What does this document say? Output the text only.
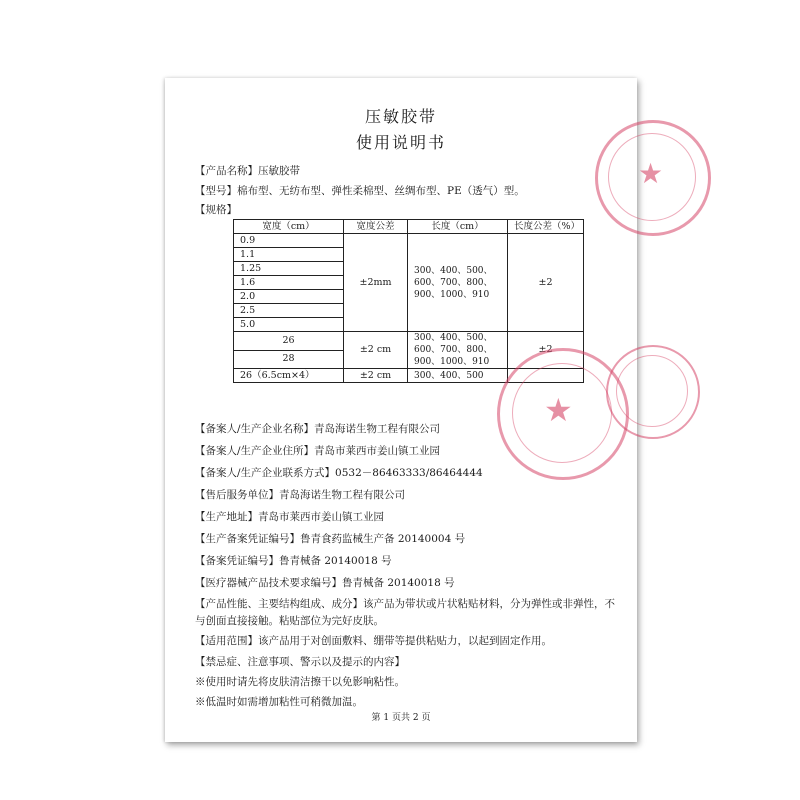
压敏胶带
使用说明书
【产品名称】压敏胶带
【型号】棉布型、无纺布型、弹性柔棉型、丝绸布型、PE（透气）型。
【规格】
宽度（cm）	宽度公差	长度（cm）	长度公差（%）
0.9	±2mm	300、400、500、600、700、800、900、1000、910	±2
1.1			
1.25			
1.6			
2.0			
2.5			
5.0			
26	±2 cm	300、400、500、600、700、800、900、1000、910	±2
28			
26（6.5cm×4）	±2 cm	300、400、500	
【备案人/生产企业名称】青岛海诺生物工程有限公司
【备案人/生产企业住所】青岛市莱西市姜山镇工业园
【备案人/生产企业联系方式】0532－86463333/86464444
【售后服务单位】青岛海诺生物工程有限公司
【生产地址】青岛市莱西市姜山镇工业园
【生产备案凭证编号】鲁青食药监械生产备 20140004 号
【备案凭证编号】鲁青械备 20140018 号
【医疗器械产品技术要求编号】鲁青械备 20140018 号
【产品性能、主要结构组成、成分】该产品为带状或片状粘贴材料，分为弹性或非弹性，不与创面直接接触。粘贴部位为完好皮肤。
【适用范围】该产品用于对创面敷料、绷带等提供粘贴力，以起到固定作用。
【禁忌症、注意事项、警示以及提示的内容】
※使用时请先将皮肤清洁擦干以免影响粘性。
※低温时如需增加粘性可稍微加温。
第 1 页共 2 页
★
★
